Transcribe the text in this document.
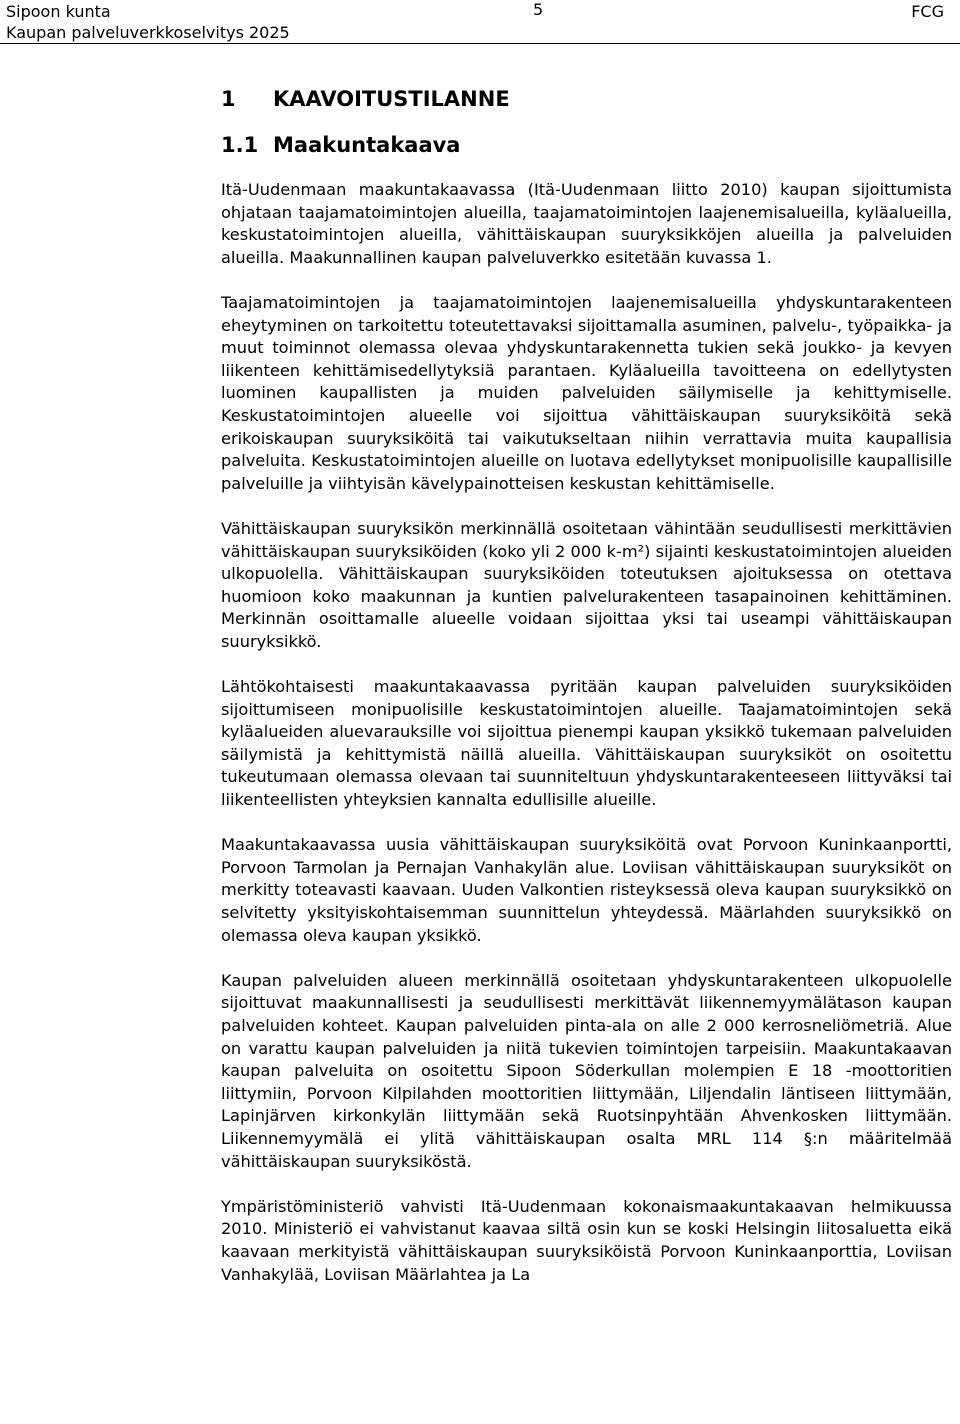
Sipoon kunta
Kaupan palveluverkkoselvitys 2025
5	FCG
1 KAAVOITUSTILANNE
1.1 Maakuntakaava

Itä-Uudenmaan maakuntakaavassa (Itä-Uudenmaan liitto 2010) kaupan sijoittumista ohjataan taajamatoimintojen alueilla, taajamatoimintojen laajenemisalueilla, kyläalueilla, keskustatoimintojen alueilla, vähittäiskaupan suuryksikköjen alueilla ja palveluiden alueilla. Maakunnallinen kaupan palveluverkko esitetään kuvassa 1.

Taajamatoimintojen ja taajamatoimintojen laajenemisalueilla yhdyskuntarakenteen eheytyminen on tarkoitettu toteutettavaksi sijoittamalla asuminen, palvelu-, työpaikka- ja muut toiminnot olemassa olevaa yhdyskuntarakennetta tukien sekä joukko- ja kevyen liikenteen kehittämisedellytyksiä parantaen. Kyläalueilla tavoitteena on edellytysten luominen kaupallisten ja muiden palveluiden säilymiselle ja kehittymiselle. Keskustatoimintojen alueelle voi sijoittua vähittäiskaupan suuryksiköitä sekä erikoiskaupan suuryksiköitä tai vaikutukseltaan niihin verrattavia muita kaupallisia palveluita. Keskustatoimintojen alueille on luotava edellytykset monipuolisille kaupallisille palveluille ja viihtyisän kävelypainotteisen keskustan kehittämiselle.

Vähittäiskaupan suuryksikön merkinnällä osoitetaan vähintään seudullisesti merkittävien vähittäiskaupan suuryksiköiden (koko yli 2 000 k-m²) sijainti keskustatoimintojen alueiden ulkopuolella. Vähittäiskaupan suuryksiköiden toteutuksen ajoituksessa on otettava huomioon koko maakunnan ja kuntien palvelurakenteen tasapainoinen kehittäminen. Merkinnän osoittamalle alueelle voidaan sijoittaa yksi tai useampi vähittäiskaupan suuryksikkö.

Lähtökohtaisesti maakuntakaavassa pyritään kaupan palveluiden suuryksiköiden sijoittumiseen monipuolisille keskustatoimintojen alueille. Taajamatoimintojen sekä kyläalueiden aluevarauksille voi sijoittua pienempi kaupan yksikkö tukemaan palveluiden säilymistä ja kehittymistä näillä alueilla. Vähittäiskaupan suuryksiköt on osoitettu tukeutumaan olemassa olevaan tai suunniteltuun yhdyskuntarakenteeseen liittyväksi tai liikenteellisten yhteyksien kannalta edullisille alueille.

Maakuntakaavassa uusia vähittäiskaupan suuryksiköitä ovat Porvoon Kuninkaanportti, Porvoon Tarmolan ja Pernajan Vanhakylän alue. Loviisan vähittäiskaupan suuryksiköt on merkitty toteavasti kaavaan. Uuden Valkontien risteyksessä oleva kaupan suuryksikkö on selvitetty yksityiskohtaisemman suunnittelun yhteydessä. Määrlahden suuryksikkö on olemassa oleva kaupan yksikkö.

Kaupan palveluiden alueen merkinnällä osoitetaan yhdyskuntarakenteen ulkopuolelle sijoittuvat maakunnallisesti ja seudullisesti merkittävät liikennemyymälätason kaupan palveluiden kohteet. Kaupan palveluiden pinta-ala on alle 2 000 kerrosneliömetriä. Alue on varattu kaupan palveluiden ja niitä tukevien toimintojen tarpeisiin. Maakuntakaavan kaupan palveluita on osoitettu Sipoon Söderkullan molempien E 18 -moottoritien liittymiin, Porvoon Kilpilahden moottoritien liittymään, Liljendalin läntiseen liittymään, Lapinjärven kirkonkylän liittymään sekä Ruotsinpyhtään Ahvenkosken liittymään. Liikennemyymälä ei ylitä vähittäiskaupan osalta MRL 114 §:n määritelmää vähittäiskaupan suuryksiköstä.

Ympäristöministeriö vahvisti Itä-Uudenmaan kokonaismaakuntakaavan helmikuussa 2010. Ministeriö ei vahvistanut kaavaa siltä osin kun se koski Helsingin liitosaluetta eikä kaavaan merkityistä vähittäiskaupan suuryksiköistä Porvoon Kuninkaanporttia, Loviisan Vanhakylää, Loviisan Määrlahtea ja La
